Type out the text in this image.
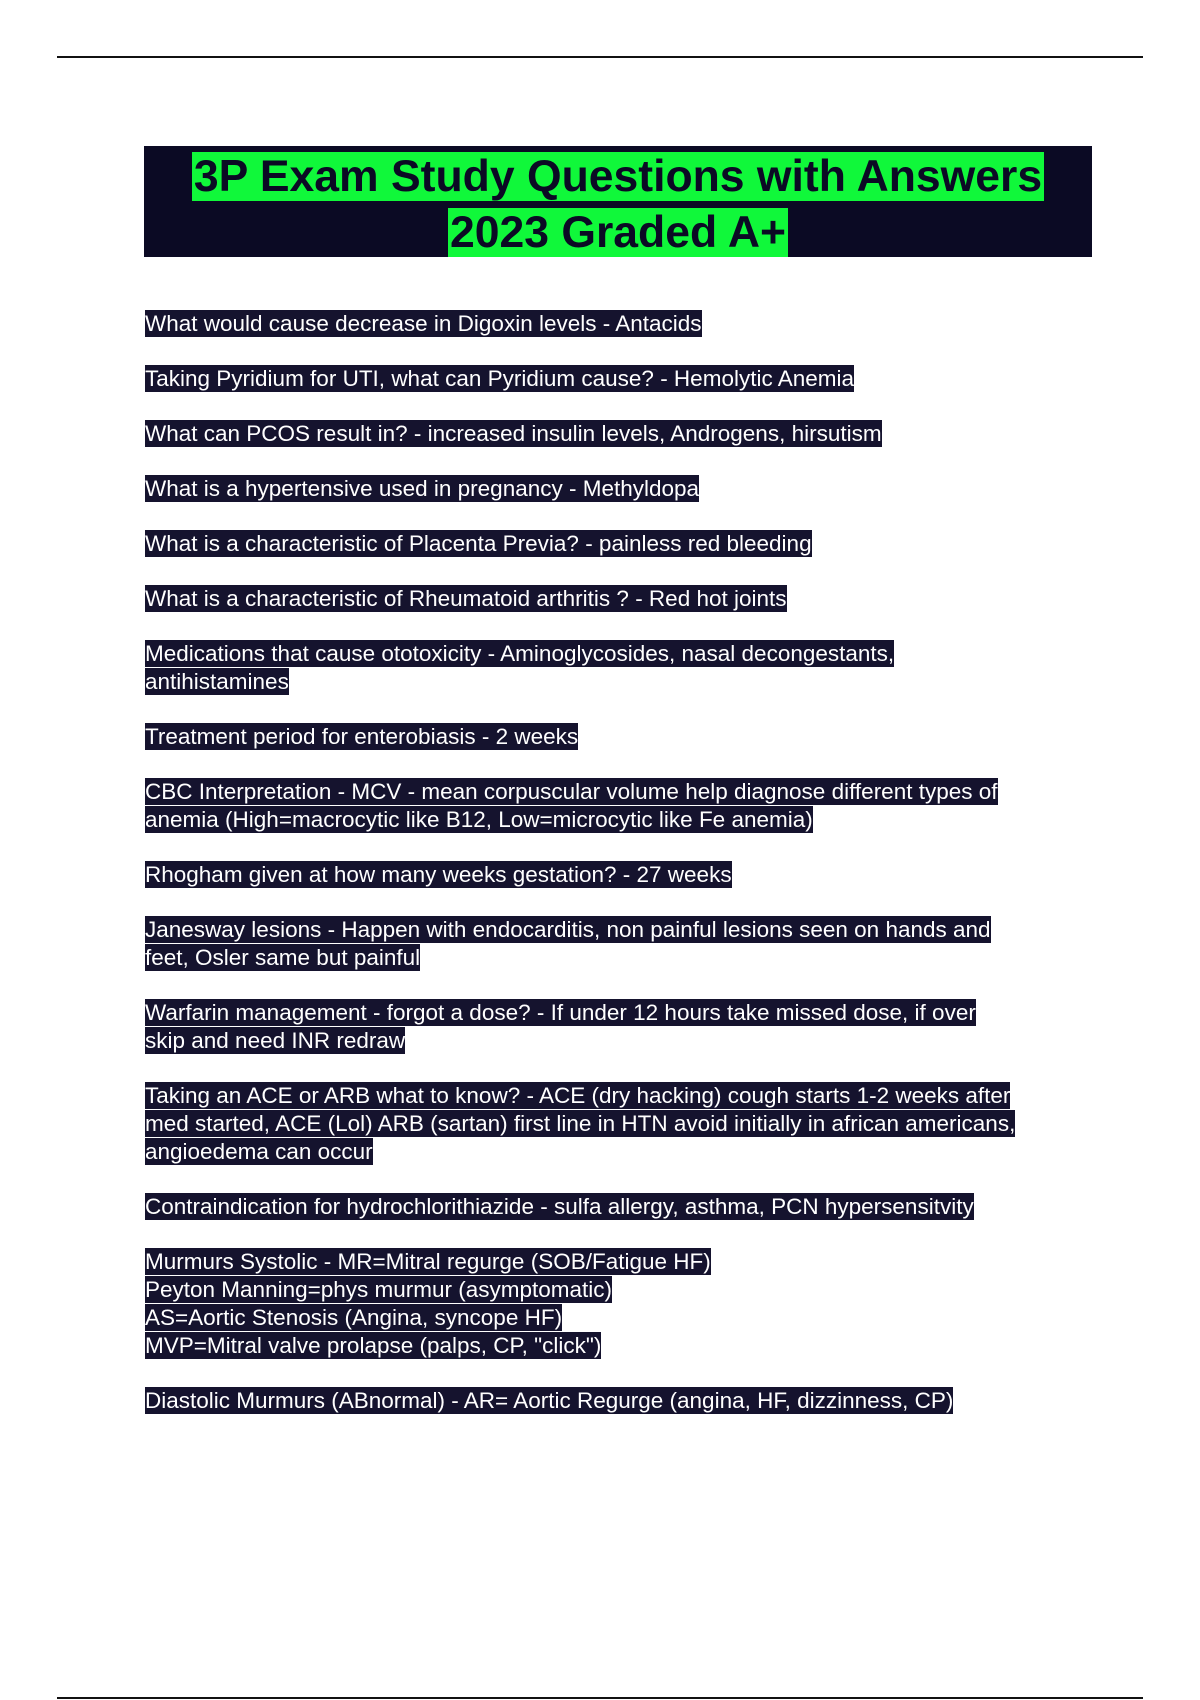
3P Exam Study Questions with Answers
2023 Graded A+

What would cause decrease in Digoxin levels - Antacids

Taking Pyridium for UTI, what can Pyridium cause? - Hemolytic Anemia

What can PCOS result in? - increased insulin levels, Androgens, hirsutism

What is a hypertensive used in pregnancy - Methyldopa

What is a characteristic of Placenta Previa? - painless red bleeding

What is a characteristic of Rheumatoid arthritis ? - Red hot joints

Medications that cause ototoxicity - Aminoglycosides, nasal decongestants,
antihistamines

Treatment period for enterobiasis - 2 weeks

CBC Interpretation - MCV - mean corpuscular volume help diagnose different types of
anemia (High=macrocytic like B12, Low=microcytic like Fe anemia)

Rhogham given at how many weeks gestation? - 27 weeks

Janesway lesions - Happen with endocarditis, non painful lesions seen on hands and
feet, Osler same but painful

Warfarin management - forgot a dose? - If under 12 hours take missed dose, if over
skip and need INR redraw

Taking an ACE or ARB what to know? - ACE (dry hacking) cough starts 1-2 weeks after
med started, ACE (Lol) ARB (sartan) first line in HTN avoid initially in african americans,
angioedema can occur

Contraindication for hydrochlorithiazide - sulfa allergy, asthma, PCN hypersensitvity

Murmurs Systolic - MR=Mitral regurge (SOB/Fatigue HF)
Peyton Manning=phys murmur (asymptomatic)
AS=Aortic Stenosis (Angina, syncope HF)
MVP=Mitral valve prolapse (palps, CP, "click")

Diastolic Murmurs (ABnormal) - AR= Aortic Regurge (angina, HF, dizzinness, CP)
